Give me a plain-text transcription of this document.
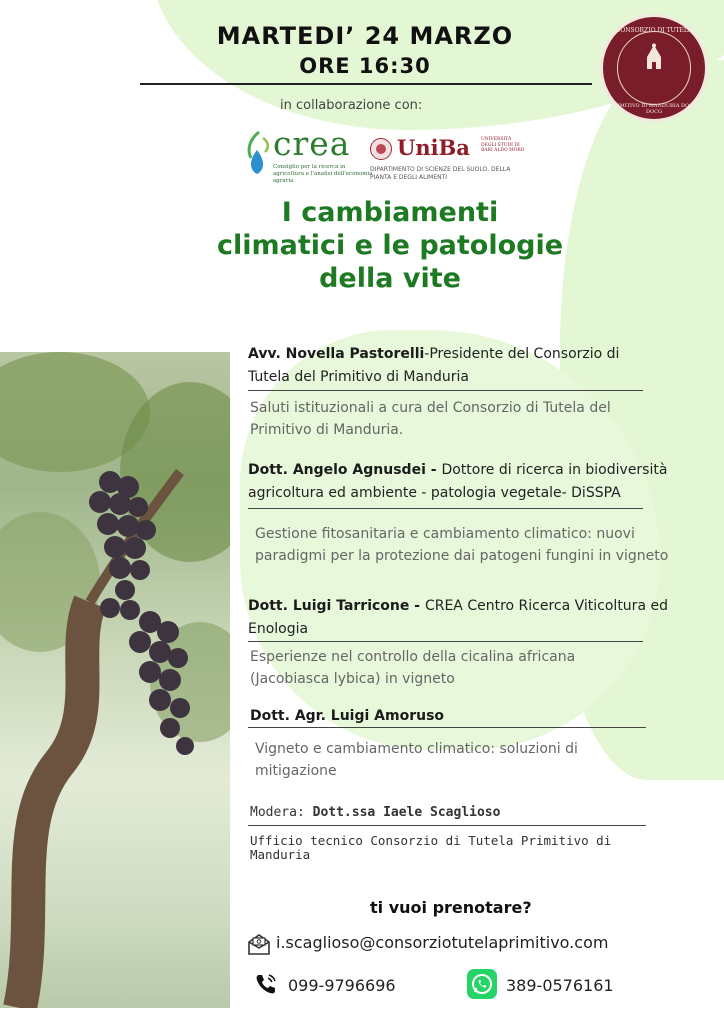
MARTEDI’ 24 MARZO
ORE 16:30
CONSORZIO DI TUTELA
PRIMITIVO DI MANDURIA DOC e DOCG
in collaborazione con:
crea
Consiglio per la ricerca in agricoltura e l'analisi dell'economia agraria
UniBa UNIVERSITÀ DEGLI STUDI DI BARI ALDO MORO
DIPARTIMENTO DI SCIENZE DEL SUOLO, DELLA PIANTA E DEGLI ALIMENTI
I cambiamenti
climatici e le patologie
della vite
Avv. Novella Pastorelli-Presidente del Consorzio di Tutela del Primitivo di Manduria
Saluti istituzionali a cura del Consorzio di Tutela del Primitivo di Manduria.
Dott. Angelo Agnusdei - Dottore di ricerca in biodiversità agricoltura ed ambiente - patologia vegetale- DiSSPA
Gestione fitosanitaria e cambiamento climatico: nuovi paradigmi per la protezione dai patogeni fungini in vigneto
Dott. Luigi Tarricone - CREA Centro Ricerca Viticoltura ed Enologia
Esperienze nel controllo della cicalina africana (Jacobiasca lybica) in vigneto
Dott. Agr. Luigi Amoruso
Vigneto e cambiamento climatico: soluzioni di mitigazione
Modera: Dott.ssa Iaele Scaglioso
Ufficio tecnico Consorzio di Tutela Primitivo di Manduria
ti vuoi prenotare?
i.scaglioso@consorziotutelaprimitivo.com
099-9796696	389-0576161
